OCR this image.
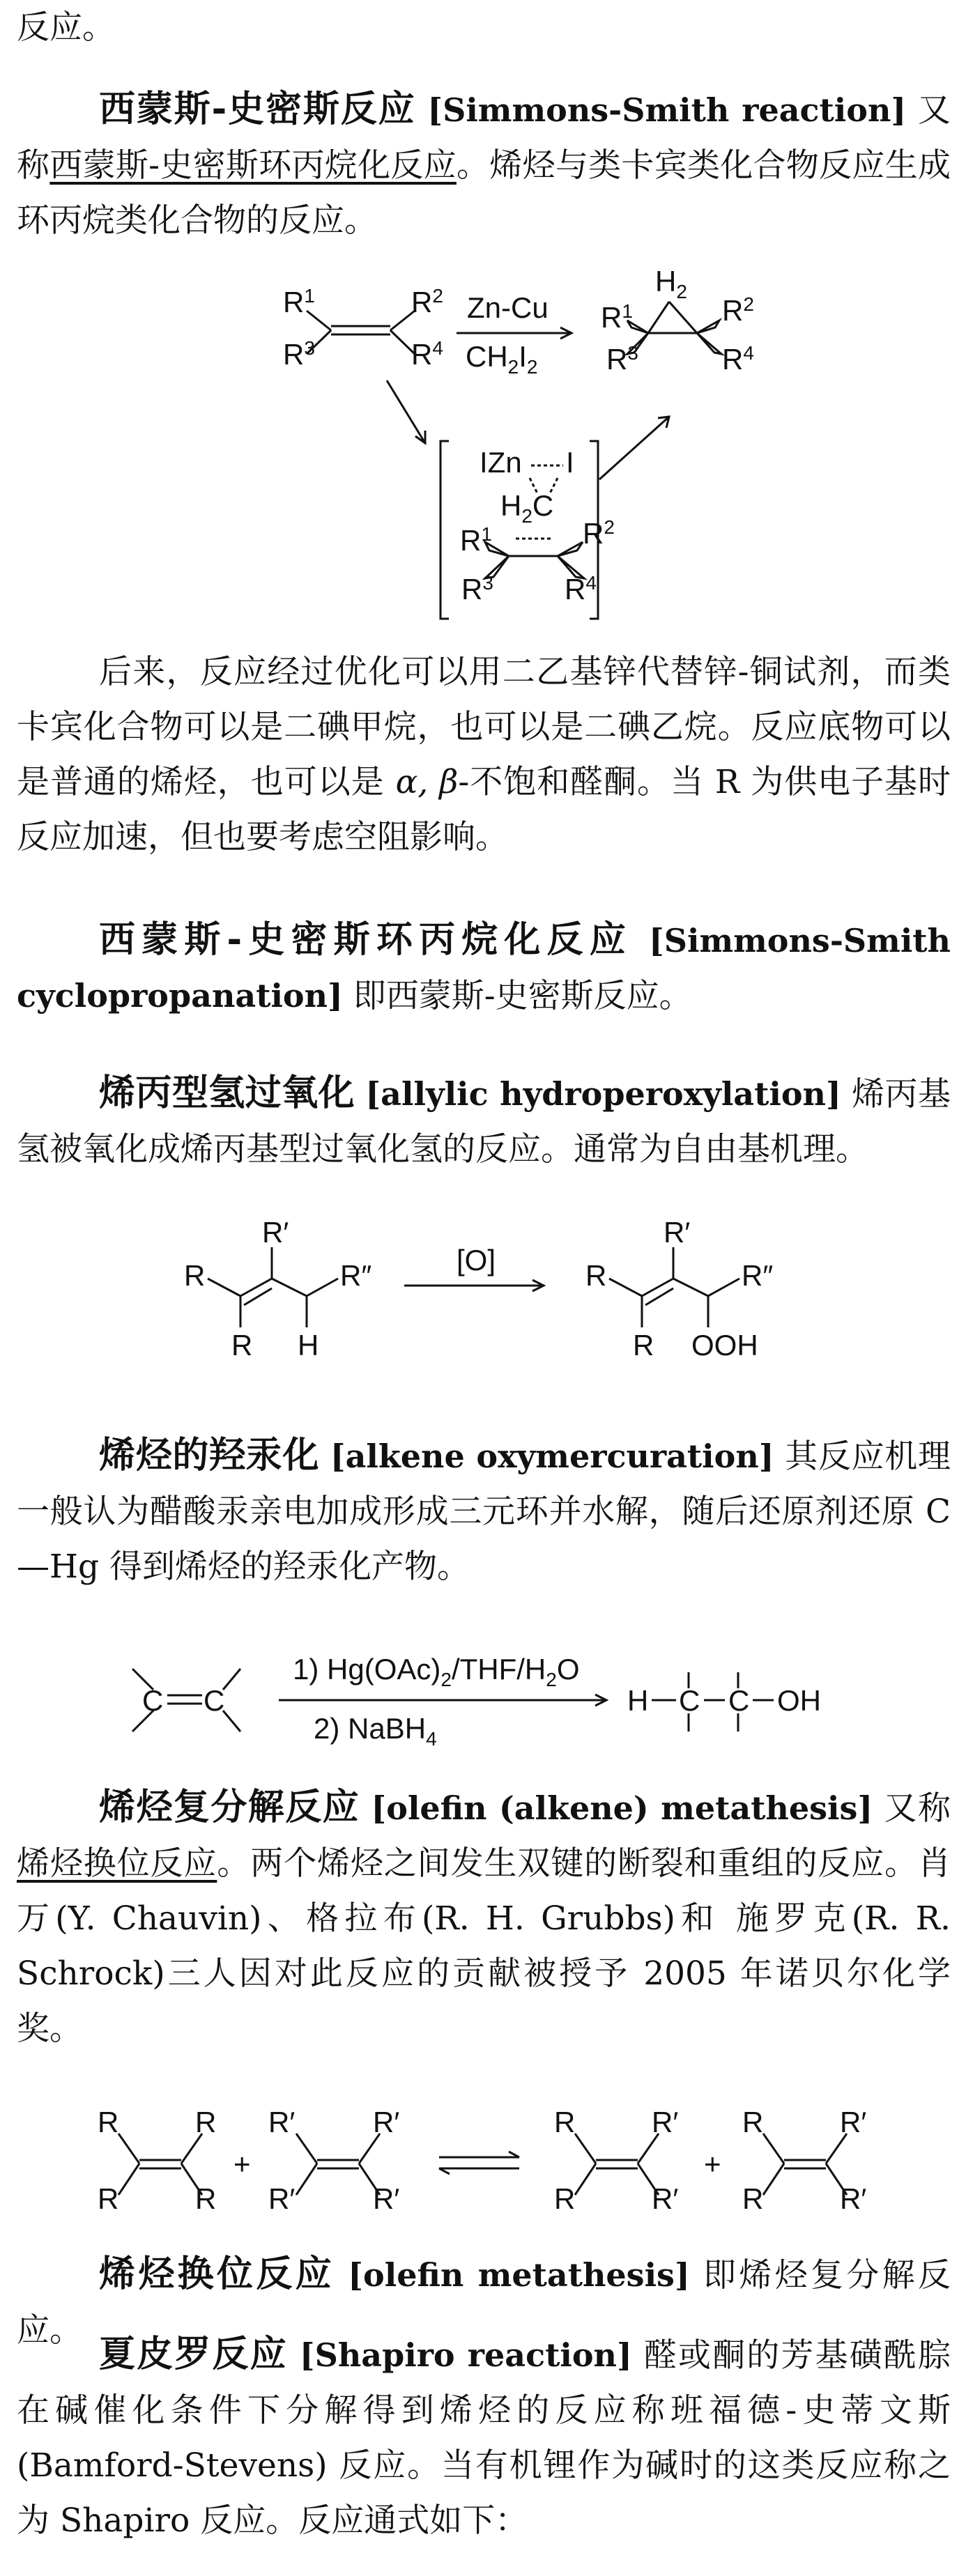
反应。

西蒙斯-史密斯反应 [Simmons-Smith reaction] 又称西蒙斯-史密斯环丙烷化反应。烯烃与类卡宾类化合物反应生成环丙烷类化合物的反应。

$R^1$	$R^2$
$R^3$	$R^4$
Zn-Cu
$CH_2I_2$
$H_2$
$R^1$	$R^2$
$R^3$	$R^4$
IZn I
$H_2C$
$R^1$	$R^2$
$R^3$ $R^4$

后来，反应经过优化可以用二乙基锌代替锌-铜试剂，而类卡宾化合物可以是二碘甲烷，也可以是二碘乙烷。反应底物可以是普通的烯烃，也可以是 α, β-不饱和醛酮。当 R 为供电子基时反应加速，但也要考虑空阻影响。

西蒙斯-史密斯环丙烷化反应 [Simmons-Smith cyclopropanation] 即西蒙斯-史密斯反应。

烯丙型氢过氧化 [allylic hydroperoxylation] 烯丙基氢被氧化成烯丙基型过氧化氢的反应。通常为自由基机理。

R
R
R′
R″
H
[O]	R
R
R′
R″
OOH

烯烃的羟汞化 [alkene oxymercuration] 其反应机理一般认为醋酸汞亲电加成形成三元环并水解，随后还原剂还原 C—Hg 得到烯烃的羟汞化产物。

C C
1) $Hg(OAc)_2/THF/H_2O$
2) NaBH$_4$
H C C OH

烯烃复分解反应 [olefin (alkene) metathesis] 又称烯烃换位反应。两个烯烃之间发生双键的断裂和重组的反应。肖万(Y. Chauvin)、格拉布(R. H. Grubbs)和 施罗克(R. R. Schrock)三人因对此反应的贡献被授予 2005 年诺贝尔化学奖。

R
R
R
R
+
R′
R′
R′
R′
R
R
R′
R′
+
R
R
R′
R′

烯烃换位反应 [olefin metathesis] 即烯烃复分解反应。

夏皮罗反应 [Shapiro reaction] 醛或酮的芳基磺酰腙在碱催化条件下分解得到烯烃的反应称班福德-史蒂文斯 (Bamford-Stevens) 反应。当有机锂作为碱时的这类反应称之为 Shapiro 反应。反应通式如下：
